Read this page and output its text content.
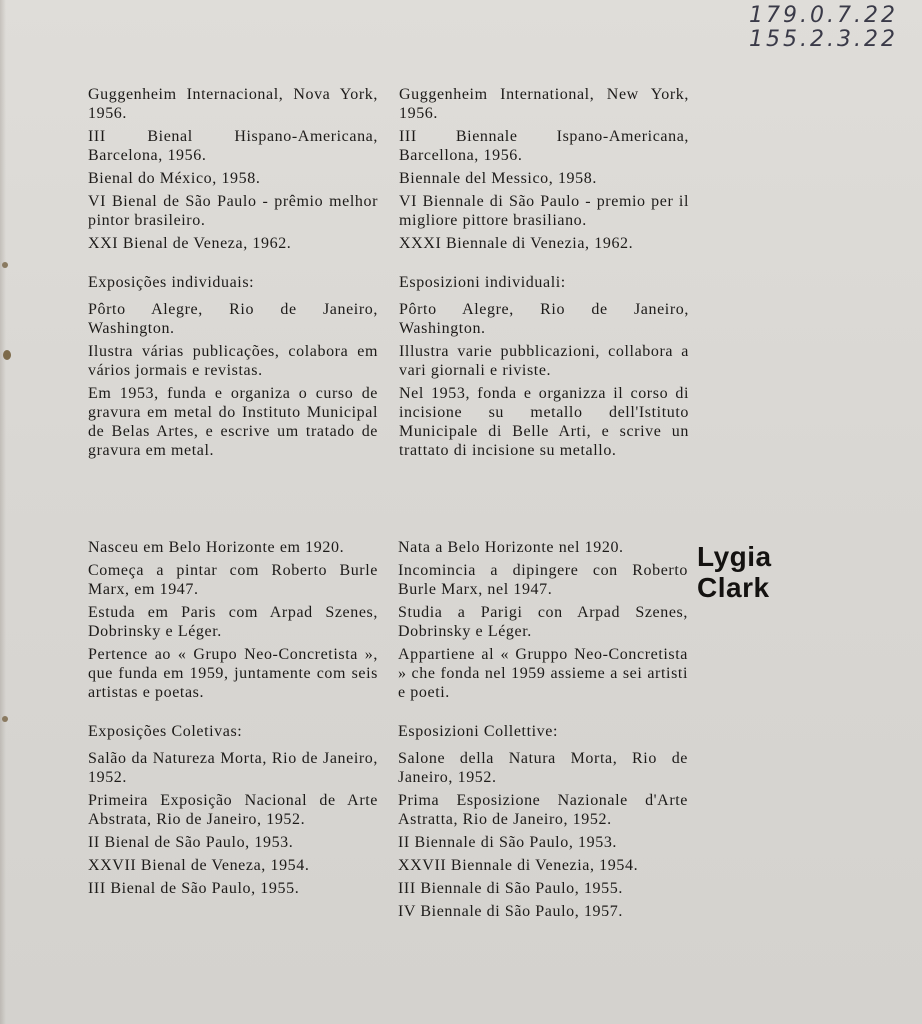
179.0.7.22
155.2.3.22

Guggenheim Internacional, Nova York, 1956.

III Bienal Hispano-Americana, Barcelona, 1956.

Bienal do México, 1958.

VI Bienal de São Paulo - prêmio melhor pintor brasileiro.

XXI Bienal de Veneza, 1962.

Exposições individuais:

Pôrto Alegre, Rio de Janeiro, Washington.

Ilustra várias publicações, colabora em vários jormais e revistas.

Em 1953, funda e organiza o curso de gravura em metal do Instituto Municipal de Belas Artes, e escrive um tratado de gravura em metal.

Guggenheim International, New York, 1956.

III Biennale Ispano-Americana, Barcellona, 1956.

Biennale del Messico, 1958.

VI Biennale di São Paulo - premio per il migliore pittore brasiliano.

XXXI Biennale di Venezia, 1962.

Esposizioni individuali:

Pôrto Alegre, Rio de Janeiro, Washington.

Illustra varie pubblicazioni, collabora a vari giornali e riviste.

Nel 1953, fonda e organizza il corso di incisione su metallo dell'Istituto Municipale di Belle Arti, e scrive un trattato di incisione su metallo.

Nasceu em Belo Horizonte em 1920.

Começa a pintar com Roberto Burle Marx, em 1947.

Estuda em Paris com Arpad Szenes, Dobrinsky e Léger.

Pertence ao « Grupo Neo-Concretista », que funda em 1959, juntamente com seis artistas e poetas.

Exposições Coletivas:

Salão da Natureza Morta, Rio de Janeiro, 1952.

Primeira Exposição Nacional de Arte Abstrata, Rio de Janeiro, 1952.

II Bienal de São Paulo, 1953.

XXVII Bienal de Veneza, 1954.

III Bienal de São Paulo, 1955.

Nata a Belo Horizonte nel 1920.

Incomincia a dipingere con Roberto Burle Marx, nel 1947.

Studia a Parigi con Arpad Szenes, Dobrinsky e Léger.

Appartiene al « Gruppo Neo-Concretista » che fonda nel 1959 assieme a sei artisti e poeti.

Esposizioni Collettive:

Salone della Natura Morta, Rio de Janeiro, 1952.

Prima Esposizione Nazionale d'Arte Astratta, Rio de Janeiro, 1952.

II Biennale di São Paulo, 1953.

XXVII Biennale di Venezia, 1954.

III Biennale di São Paulo, 1955.

IV Biennale di São Paulo, 1957.

Lygia
Clark
